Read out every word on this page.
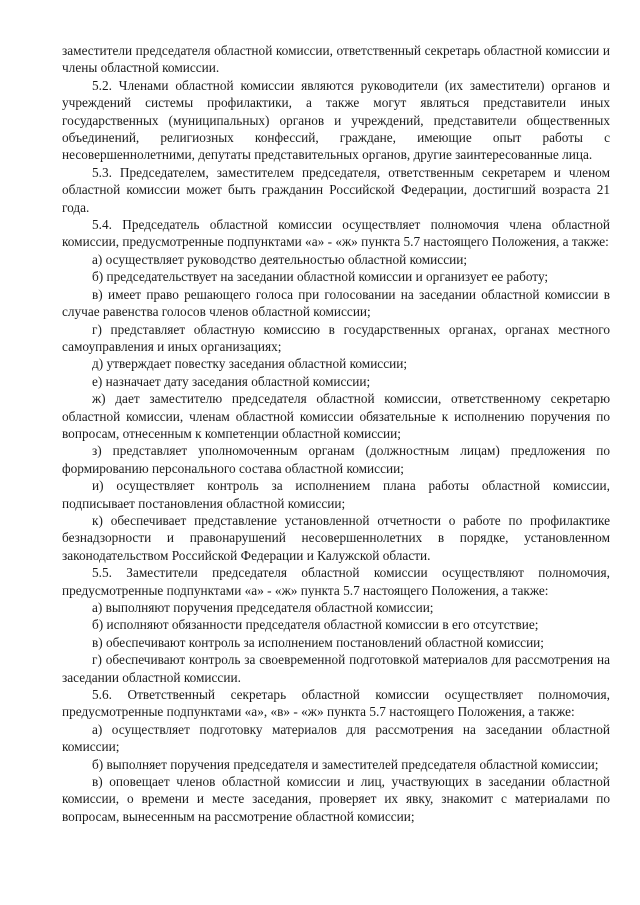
заместители председателя областной комиссии, ответственный секретарь областной комиссии и члены областной комиссии.

5.2. Членами областной комиссии являются руководители (их заместители) органов и учреждений системы профилактики, а также могут являться представители иных государственных (муниципальных) органов и учреждений, представители общественных объединений, религиозных конфессий, граждане, имеющие опыт работы с несовершеннолетними, депутаты представительных органов, другие заинтересованные лица.

5.3. Председателем, заместителем председателя, ответственным секретарем и членом областной комиссии может быть гражданин Российской Федерации, достигший возраста 21 года.

5.4. Председатель областной комиссии осуществляет полномочия члена областной комиссии, предусмотренные подпунктами «а» - «ж» пункта 5.7 настоящего Положения, а также:

а) осуществляет руководство деятельностью областной комиссии;

б) председательствует на заседании областной комиссии и организует ее работу;

в) имеет право решающего голоса при голосовании на заседании областной комиссии в случае равенства голосов членов областной комиссии;

г) представляет областную комиссию в государственных органах, органах местного самоуправления и иных организациях;

д) утверждает повестку заседания областной комиссии;

е) назначает дату заседания областной комиссии;

ж) дает заместителю председателя областной комиссии, ответственному секретарю областной комиссии, членам областной комиссии обязательные к исполнению поручения по вопросам, отнесенным к компетенции областной комиссии;

з) представляет уполномоченным органам (должностным лицам) предложения по формированию персонального состава областной комиссии;

и) осуществляет контроль за исполнением плана работы областной комиссии, подписывает постановления областной комиссии;

к) обеспечивает представление установленной отчетности о работе по профилактике безнадзорности и правонарушений несовершеннолетних в порядке, установленном законодательством Российской Федерации и Калужской области.

5.5. Заместители председателя областной комиссии осуществляют полномочия, предусмотренные подпунктами «а» - «ж» пункта 5.7 настоящего Положения, а также:

а) выполняют поручения председателя областной комиссии;

б) исполняют обязанности председателя областной комиссии в его отсутствие;

в) обеспечивают контроль за исполнением постановлений областной комиссии;

г) обеспечивают контроль за своевременной подготовкой материалов для рассмотрения на заседании областной комиссии.

5.6. Ответственный секретарь областной комиссии осуществляет полномочия, предусмотренные подпунктами «а», «в» - «ж» пункта 5.7 настоящего Положения, а также:

а) осуществляет подготовку материалов для рассмотрения на заседании областной комиссии;

б) выполняет поручения председателя и заместителей председателя областной комиссии;

в) оповещает членов областной комиссии и лиц, участвующих в заседании областной комиссии, о времени и месте заседания, проверяет их явку, знакомит с материалами по вопросам, вынесенным на рассмотрение областной комиссии;
